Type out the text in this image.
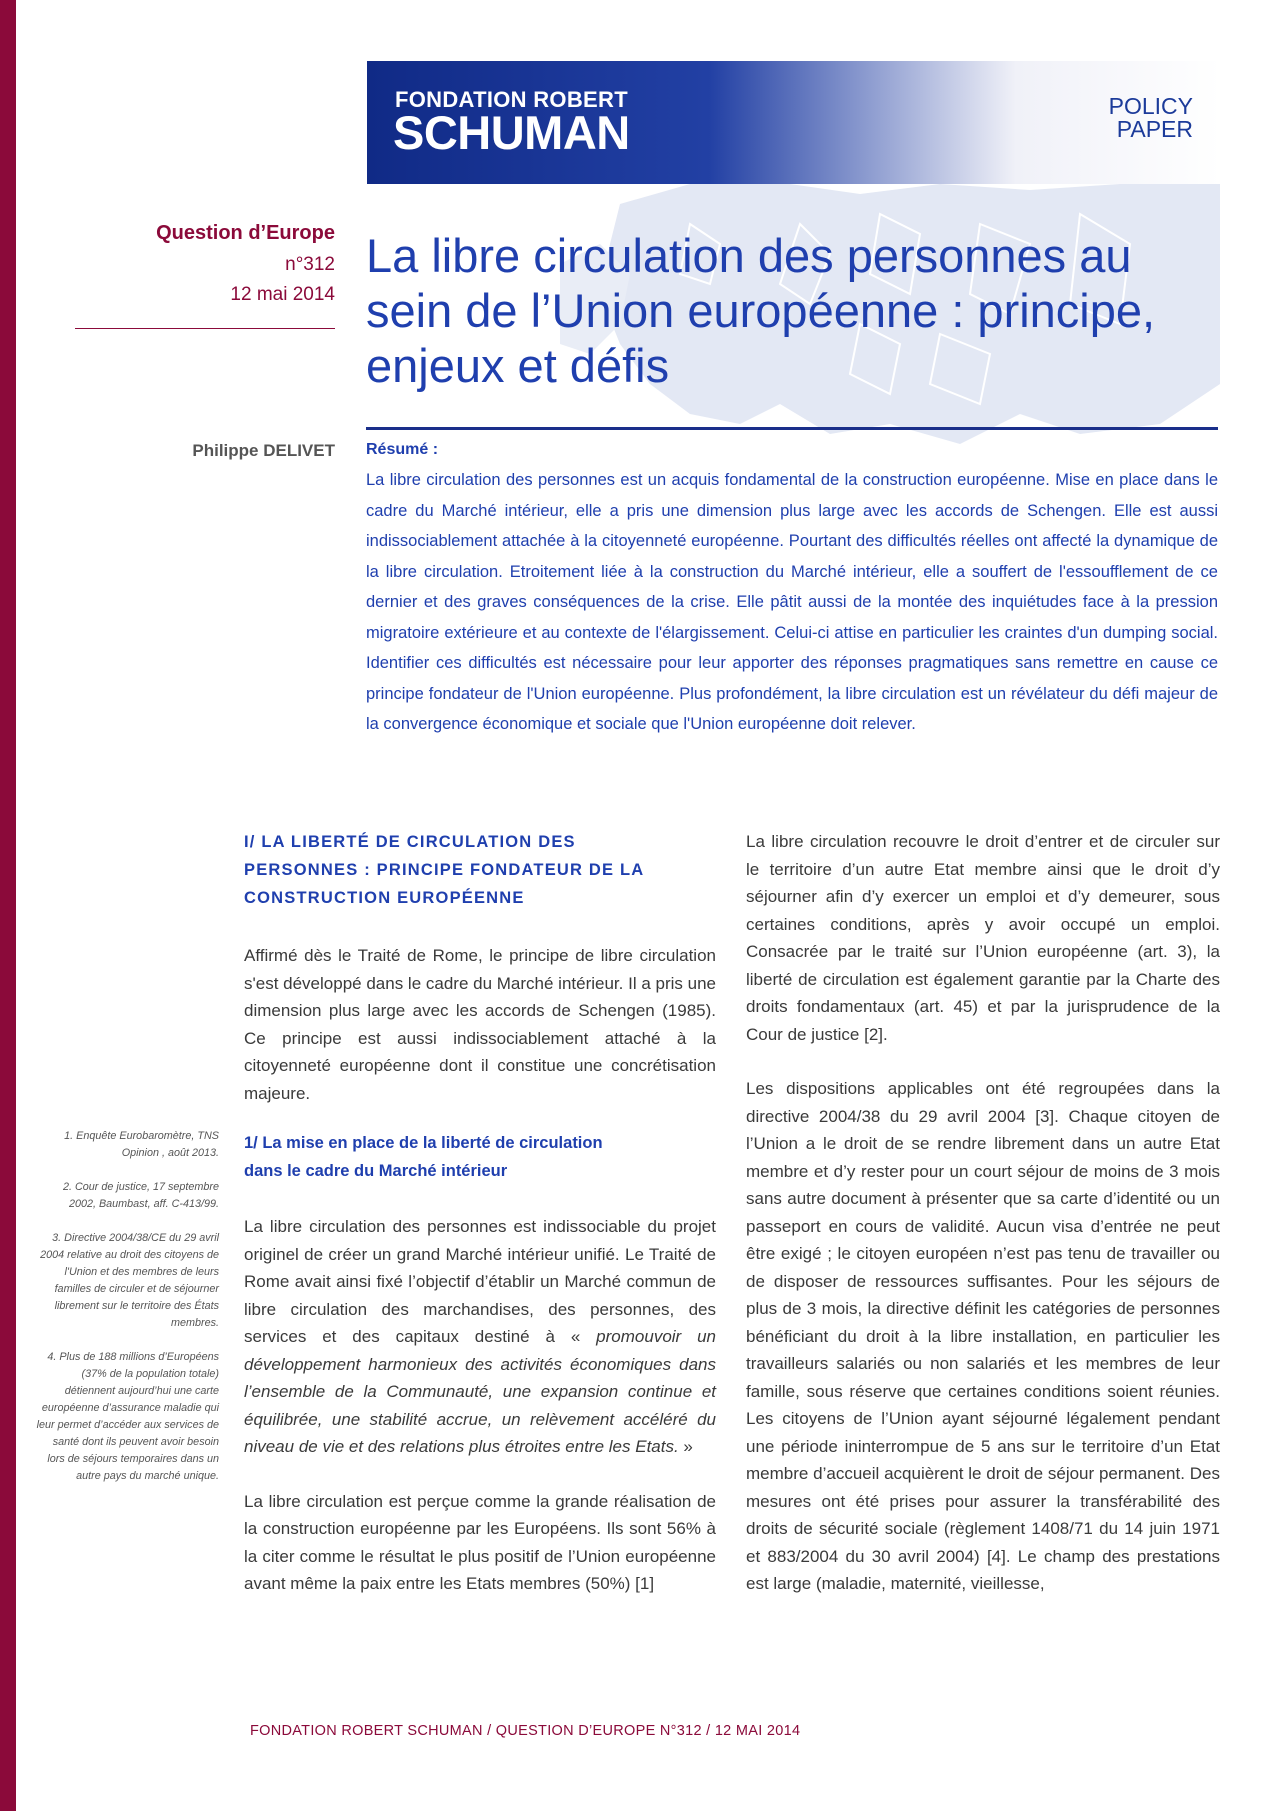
FONDATION ROBERT
SCHUMAN	POLICY
PAPER
Question d’Europe
n°312
12 mai 2014
La libre circulation des personnes au sein de l’Union européenne : principe, enjeux et défis
Philippe DELIVET Résumé :

La libre circulation des personnes est un acquis fondamental de la construction européenne. Mise en place dans le cadre du Marché intérieur, elle a pris une dimension plus large avec les accords de Schengen. Elle est aussi indissociablement attachée à la citoyenneté européenne. Pourtant des difficultés réelles ont affecté la dynamique de la libre circulation. Etroitement liée à la construction du Marché intérieur, elle a souffert de l'essoufflement de ce dernier et des graves conséquences de la crise. Elle pâtit aussi de la montée des inquiétudes face à la pression migratoire extérieure et au contexte de l'élargissement. Celui-ci attise en particulier les craintes d'un dumping social. Identifier ces difficultés est nécessaire pour leur apporter des réponses pragmatiques sans remettre en cause ce principe fondateur de l'Union européenne. Plus profondément, la libre circulation est un révélateur du défi majeur de la convergence économique et sociale que l'Union européenne doit relever.

I/ LA LIBERTÉ DE CIRCULATION DES
PERSONNES : PRINCIPE FONDATEUR DE LA
CONSTRUCTION EUROPÉENNE

Affirmé dès le Traité de Rome, le principe de libre circulation s'est développé dans le cadre du Marché intérieur. Il a pris une dimension plus large avec les accords de Schengen (1985). Ce principe est aussi indissociablement attaché à la citoyenneté européenne dont il constitue une concrétisation majeure.

1/ La mise en place de la liberté de circulation
dans le cadre du Marché intérieur

La libre circulation des personnes est indissociable du projet originel de créer un grand Marché intérieur unifié. Le Traité de Rome avait ainsi fixé l’objectif d’établir un Marché commun de libre circulation des marchandises, des personnes, des services et des capitaux destiné à « promouvoir un développement harmonieux des activités économiques dans l’ensemble de la Communauté, une expansion continue et équilibrée, une stabilité accrue, un relèvement accéléré du niveau de vie et des relations plus étroites entre les Etats. »

La libre circulation est perçue comme la grande réalisation de la construction européenne par les Européens. Ils sont 56% à la citer comme le résultat le plus positif de l’Union européenne avant même la paix entre les Etats membres (50%) [1]

La libre circulation recouvre le droit d’entrer et de circuler sur le territoire d’un autre Etat membre ainsi que le droit d’y séjourner afin d’y exercer un emploi et d’y demeurer, sous certaines conditions, après y avoir occupé un emploi. Consacrée par le traité sur l’Union européenne (art. 3), la liberté de circulation est également garantie par la Charte des droits fondamentaux (art. 45) et par la jurisprudence de la Cour de justice [2].

Les dispositions applicables ont été regroupées dans la directive 2004/38 du 29 avril 2004 [3]. Chaque citoyen de l’Union a le droit de se rendre librement dans un autre Etat membre et d’y rester pour un court séjour de moins de 3 mois sans autre document à présenter que sa carte d’identité ou un passeport en cours de validité. Aucun visa d’entrée ne peut être exigé ; le citoyen européen n’est pas tenu de travailler ou de disposer de ressources suffisantes. Pour les séjours de plus de 3 mois, la directive définit les catégories de personnes bénéficiant du droit à la libre installation, en particulier les travailleurs salariés ou non salariés et les membres de leur famille, sous réserve que certaines conditions soient réunies. Les citoyens de l’Union ayant séjourné légalement pendant une période ininterrompue de 5 ans sur le territoire d’un Etat membre d’accueil acquièrent le droit de séjour permanent. Des mesures ont été prises pour assurer la transférabilité des droits de sécurité sociale (règlement 1408/71 du 14 juin 1971 et 883/2004 du 30 avril 2004) [4]. Le champ des prestations est large (maladie, maternité, vieillesse,

1. Enquête Eurobaromètre, TNS Opinion , août 2013.

2. Cour de justice, 17 septembre 2002, Baumbast, aff. C-413/99.

3. Directive 2004/38/CE du 29 avril 2004 relative au droit des citoyens de l'Union et des membres de leurs familles de circuler et de séjourner librement sur le territoire des États membres.

4. Plus de 188 millions d’Européens (37% de la population totale) détiennent aujourd’hui une carte européenne d’assurance maladie qui leur permet d’accéder aux services de santé dont ils peuvent avoir besoin lors de séjours temporaires dans un autre pays du marché unique.

FONDATION ROBERT SCHUMAN / QUESTION D’EUROPE N°312 / 12 MAI 2014
